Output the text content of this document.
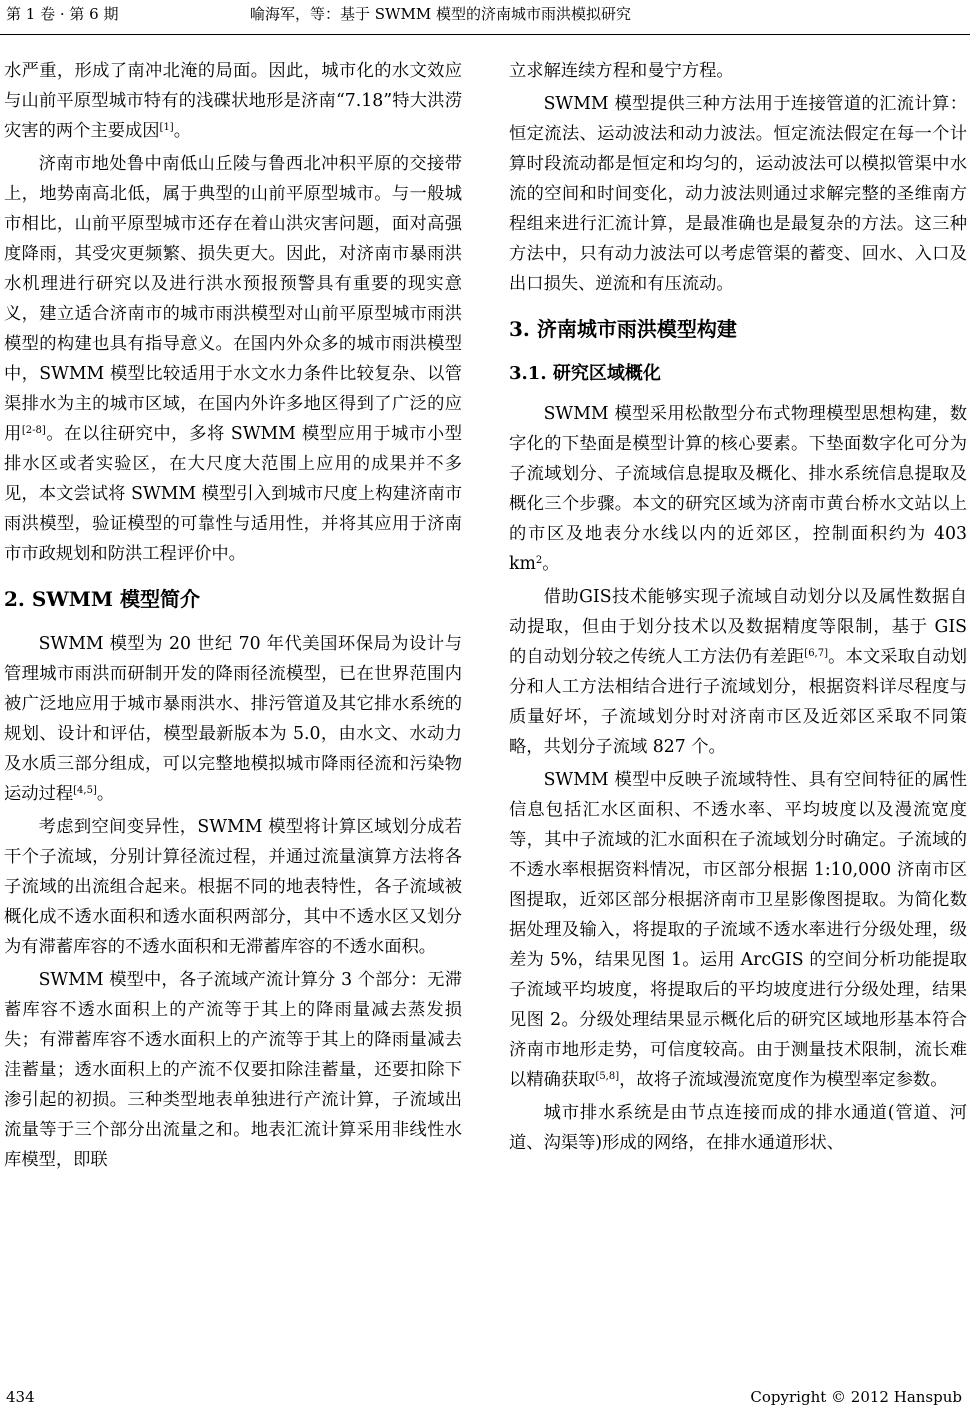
第 1 卷 · 第 6 期	喻海军，等：基于 SWMM 模型的济南城市雨洪模拟研究

水严重，形成了南冲北淹的局面。因此，城市化的水文效应与山前平原型城市特有的浅碟状地形是济南“7.18”特大洪涝灾害的两个主要成因[1]。

济南市地处鲁中南低山丘陵与鲁西北冲积平原的交接带上，地势南高北低，属于典型的山前平原型城市。与一般城市相比，山前平原型城市还存在着山洪灾害问题，面对高强度降雨，其受灾更频繁、损失更大。因此，对济南市暴雨洪水机理进行研究以及进行洪水预报预警具有重要的现实意义，建立适合济南市的城市雨洪模型对山前平原型城市雨洪模型的构建也具有指导意义。在国内外众多的城市雨洪模型中，SWMM 模型比较适用于水文水力条件比较复杂、以管渠排水为主的城市区域，在国内外许多地区得到了广泛的应用[2-8]。在以往研究中，多将 SWMM 模型应用于城市小型排水区或者实验区，在大尺度大范围上应用的成果并不多见，本文尝试将 SWMM 模型引入到城市尺度上构建济南市雨洪模型，验证模型的可靠性与适用性，并将其应用于济南市市政规划和防洪工程评价中。

2. SWMM 模型简介

SWMM 模型为 20 世纪 70 年代美国环保局为设计与管理城市雨洪而研制开发的降雨径流模型，已在世界范围内被广泛地应用于城市暴雨洪水、排污管道及其它排水系统的规划、设计和评估，模型最新版本为 5.0，由水文、水动力及水质三部分组成，可以完整地模拟城市降雨径流和污染物运动过程[4,5]。

考虑到空间变异性，SWMM 模型将计算区域划分成若干个子流域，分别计算径流过程，并通过流量演算方法将各子流域的出流组合起来。根据不同的地表特性，各子流域被概化成不透水面积和透水面积两部分，其中不透水区又划分为有滞蓄库容的不透水面积和无滞蓄库容的不透水面积。

SWMM 模型中，各子流域产流计算分 3 个部分：无滞蓄库容不透水面积上的产流等于其上的降雨量减去蒸发损失；有滞蓄库容不透水面积上的产流等于其上的降雨量减去洼蓄量；透水面积上的产流不仅要扣除洼蓄量，还要扣除下渗引起的初损。三种类型地表单独进行产流计算，子流域出流量等于三个部分出流量之和。地表汇流计算采用非线性水库模型，即联

立求解连续方程和曼宁方程。

SWMM 模型提供三种方法用于连接管道的汇流计算：恒定流法、运动波法和动力波法。恒定流法假定在每一个计算时段流动都是恒定和均匀的，运动波法可以模拟管渠中水流的空间和时间变化，动力波法则通过求解完整的圣维南方程组来进行汇流计算，是最准确也是最复杂的方法。这三种方法中，只有动力波法可以考虑管渠的蓄变、回水、入口及出口损失、逆流和有压流动。

3. 济南城市雨洪模型构建
3.1. 研究区域概化

SWMM 模型采用松散型分布式物理模型思想构建，数字化的下垫面是模型计算的核心要素。下垫面数字化可分为子流域划分、子流域信息提取及概化、排水系统信息提取及概化三个步骤。本文的研究区域为济南市黄台桥水文站以上的市区及地表分水线以内的近郊区，控制面积约为 403 $km^2$。

借助GIS技术能够实现子流域自动划分以及属性数据自动提取，但由于划分技术以及数据精度等限制，基于 GIS 的自动划分较之传统人工方法仍有差距[6,7]。本文采取自动划分和人工方法相结合进行子流域划分，根据资料详尽程度与质量好坏，子流域划分时对济南市区及近郊区采取不同策略，共划分子流域 827 个。

SWMM 模型中反映子流域特性、具有空间特征的属性信息包括汇水区面积、不透水率、平均坡度以及漫流宽度等，其中子流域的汇水面积在子流域划分时确定。子流域的不透水率根据资料情况，市区部分根据 1:10,000 济南市区图提取，近郊区部分根据济南市卫星影像图提取。为简化数据处理及输入，将提取的子流域不透水率进行分级处理，级差为 5%，结果见图 1。运用 ArcGIS 的空间分析功能提取子流域平均坡度，将提取后的平均坡度进行分级处理，结果见图 2。分级处理结果显示概化后的研究区域地形基本符合济南市地形走势，可信度较高。由于测量技术限制，流长难以精确获取[5,8]，故将子流域漫流宽度作为模型率定参数。

城市排水系统是由节点连接而成的排水通道(管道、河道、沟渠等)形成的网络，在排水通道形状、

434	Copyright © 2012 Hanspub
